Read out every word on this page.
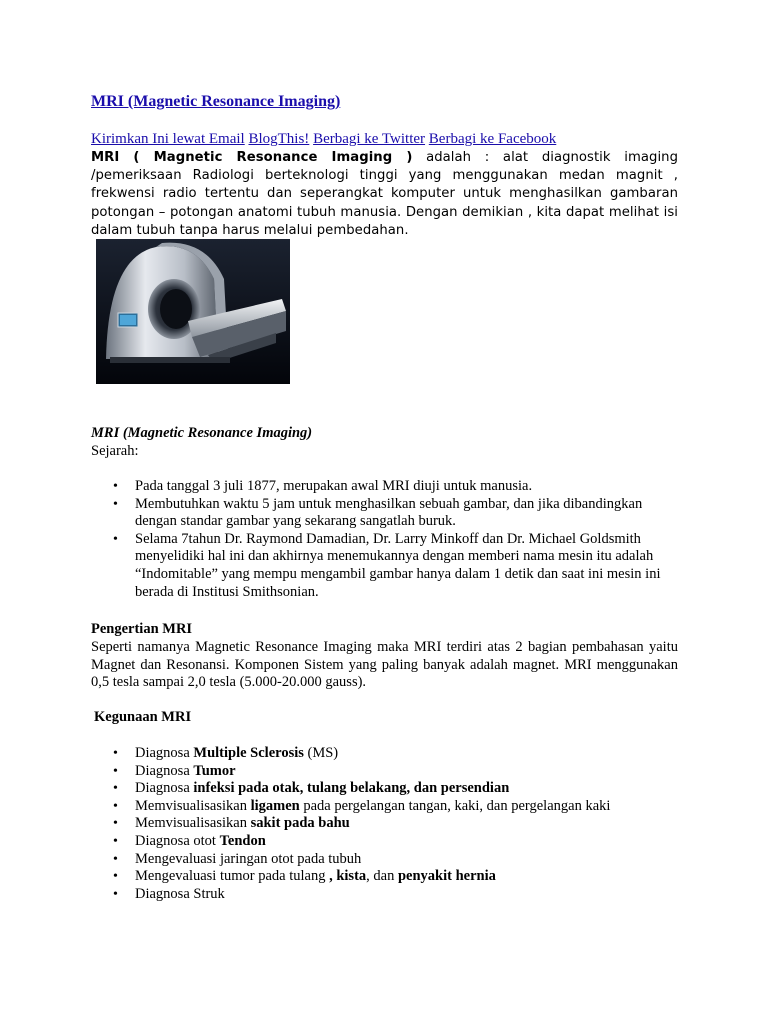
MRI (Magnetic Resonance Imaging)
Kirimkan Ini lewat Email BlogThis! Berbagi ke Twitter Berbagi ke Facebook

MRI ( Magnetic Resonance Imaging ) adalah : alat diagnostik imaging /pemeriksaan Radiologi berteknologi tinggi yang menggunakan medan magnit , frekwensi radio tertentu dan seperangkat komputer untuk menghasilkan gambaran potongan – potongan anatomi tubuh manusia. Dengan demikian , kita dapat melihat isi dalam tubuh tanpa harus melalui pembedahan.

MRI (Magnetic Resonance Imaging)
Sejarah:
• Pada tanggal 3 juli 1877, merupakan awal MRI diuji untuk manusia.
• Membutuhkan waktu 5 jam untuk menghasilkan sebuah gambar, dan jika dibandingkan dengan standar gambar yang sekarang sangatlah buruk.
• Selama 7tahun Dr. Raymond Damadian, Dr. Larry Minkoff dan Dr. Michael Goldsmith menyelidiki hal ini dan akhirnya menemukannya dengan memberi nama mesin itu adalah “Indomitable” yang mempu mengambil gambar hanya dalam 1 detik dan saat ini mesin ini berada di Institusi Smithsonian.
Pengertian MRI

Seperti namanya Magnetic Resonance Imaging maka MRI terdiri atas 2 bagian pembahasan yaitu Magnet dan Resonansi. Komponen Sistem yang paling banyak adalah magnet. MRI menggunakan 0,5 tesla sampai 2,0 tesla (5.000-20.000 gauss).

Kegunaan MRI
• Diagnosa Multiple Sclerosis (MS)
• Diagnosa Tumor
• Diagnosa infeksi pada otak, tulang belakang, dan persendian
• Memvisualisasikan ligamen pada pergelangan tangan, kaki, dan pergelangan kaki
• Memvisualisasikan sakit pada bahu
• Diagnosa otot Tendon
• Mengevaluasi jaringan otot pada tubuh
• Mengevaluasi tumor pada tulang , kista, dan penyakit hernia
• Diagnosa Struk
